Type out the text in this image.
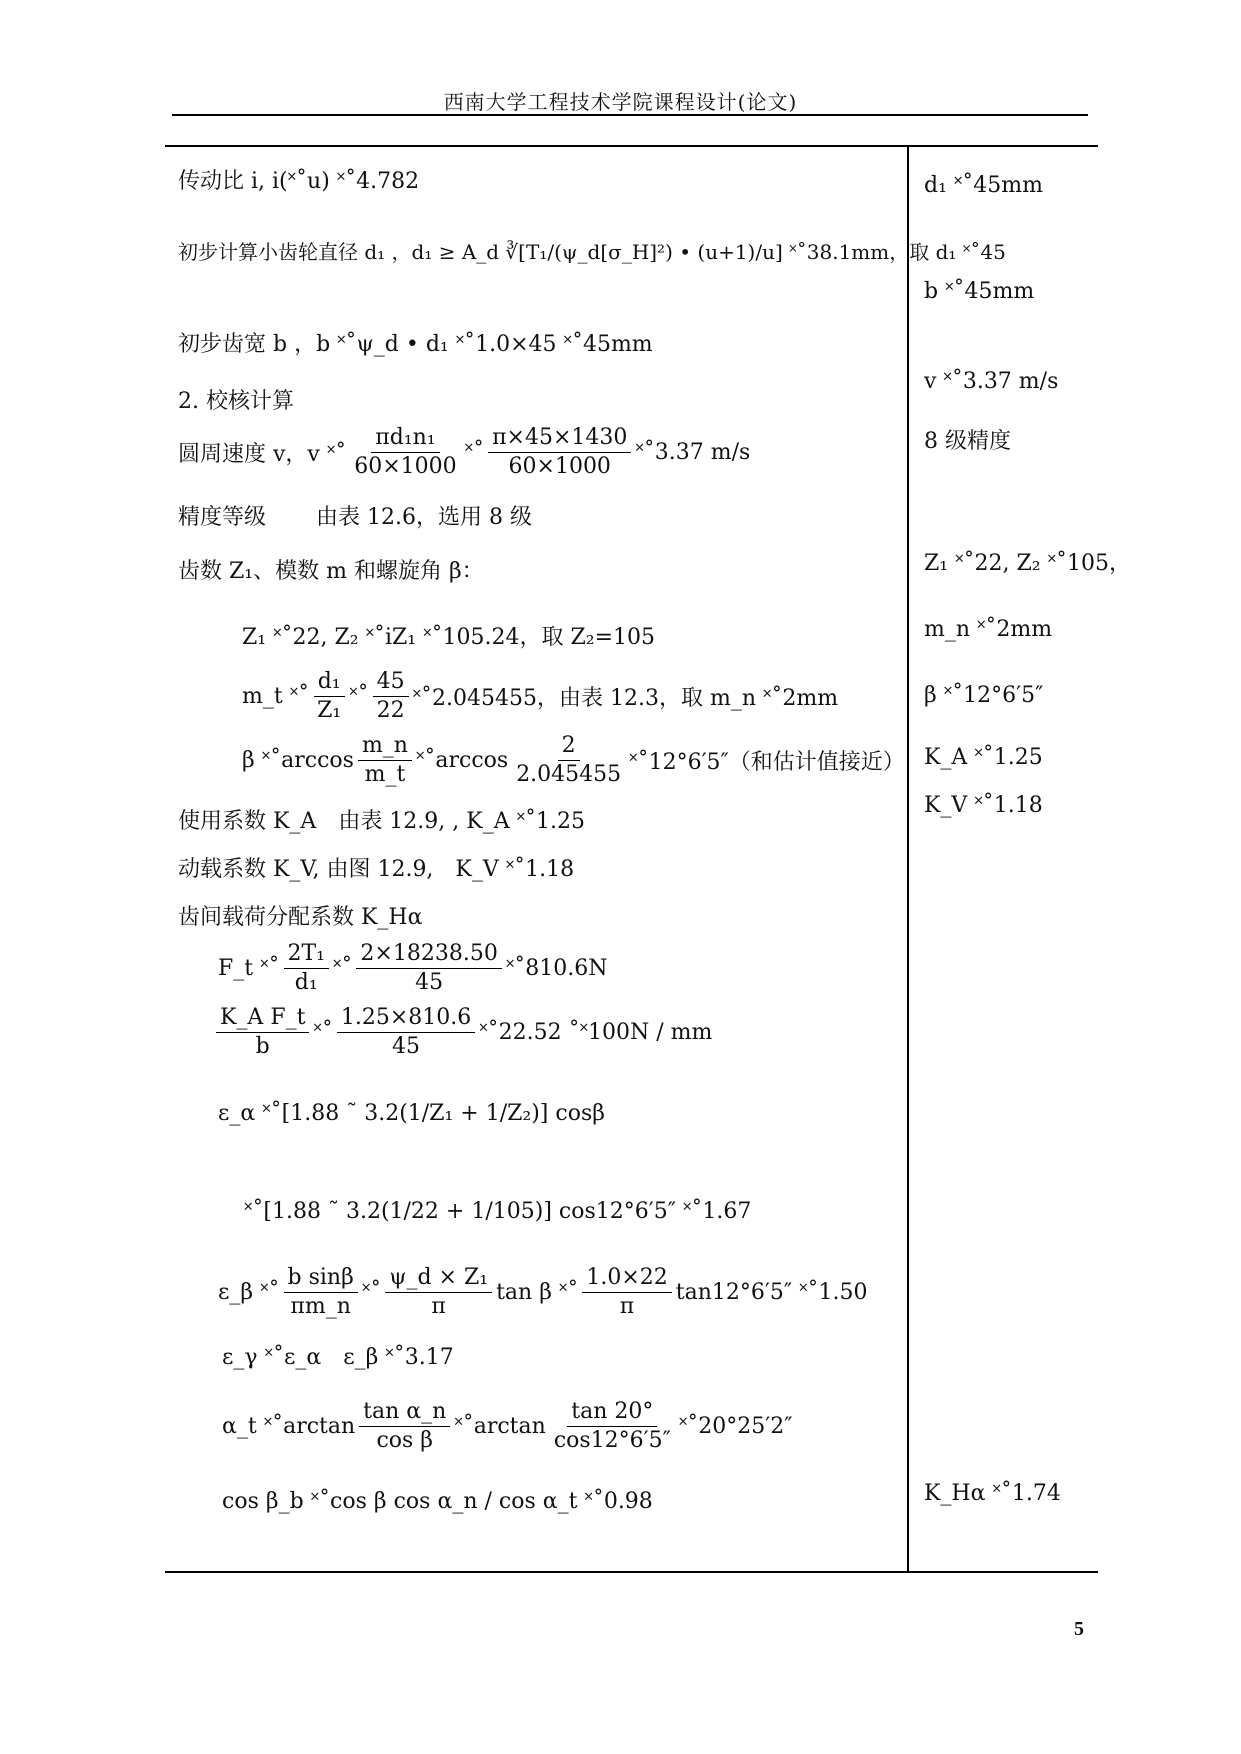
西南大学工程技术学院课程设计(论文)
传动比 i, i(˟˚u) ˟˚4.782
初步计算小齿轮直径 d₁ ，d₁ ≥ A_d ∛[T₁/(ψ_d[σ_H]²) • (u+1)/u] ˟˚38.1mm，取 d₁ ˟˚45
初步齿宽 b ，b ˟˚ψ_d • d₁ ˟˚1.0×45 ˟˚45mm
2. 校核计算
圆周速度 v，v ˟˚ $\frac{\text{πd₁n₁}}{60\times 1000}$ ˟˚ $\frac{\pi\times 45\times 1430}{60\times 1000}$ ˟˚3.37 m/s
精度等级 由表 12.6，选用 8 级
齿数 Z₁、模数 m 和螺旋角 β：
Z₁ ˟˚22, Z₂ ˟˚iZ₁ ˟˚105.24，取 Z₂=105
m_t ˟˚ $\frac{\text{d₁}}{\text{Z₁}}$ ˟˚ $\frac{45}{22}$ ˟˚2.045455，由表 12.3，取 m_n ˟˚2mm
β ˟˚arccos $\frac{m\_n}{m\_t}$ ˟˚arccos $\frac{2}{2.045455}$ ˟˚12°6′5″（和估计值接近）
使用系数 K_A　由表 12.9, , K_A ˟˚1.25
动载系数 K_V, 由图 12.9,　K_V ˟˚1.18
齿间载荷分配系数 K_Hα
F_t ˟˚ $\frac{\text{2T₁}}{\text{d₁}}$ ˟˚ $\frac{2\times 18238.50}{45}$ ˟˚810.6N
$\frac{\text{K\_A F\_t}}{b}$ ˟˚ $\frac{1.25\times 810.6}{45}$ ˟˚22.52 ˚˟100N / mm
ε_α ˟˚[1.88 ˜ 3.2(1/Z₁ + 1/Z₂)] cosβ
˟˚[1.88 ˜ 3.2(1/22 + 1/105)] cos12°6′5″ ˟˚1.67
ε_β ˟˚ $\frac{\text{b sinβ}}{\pi m\_n}$ ˟˚ $\frac{\text{ψ\_d × Z₁}}{\pi}$ tan β ˟˚ $\frac{1.0\times 22}{\pi} \tan 12^\circ 6'5''$ ˟˚1.50
ε_γ ˟˚ε_α　ε_β ˟˚3.17
α_t ˟˚arctan $\frac{\text{tan α\_n}}{\text{cos β}}$ ˟˚arctan $\frac{\tan 20^\circ}{\cos 12^\circ 6'5''}$ ˟˚20°25′2″
cos β_b ˟˚cos β cos α_n / cos α_t ˟˚0.98
d₁ ˟˚45mm
b ˟˚45mm
v ˟˚3.37 m/s
8 级精度
Z₁ ˟˚22, Z₂ ˟˚105，
m_n ˟˚2mm
β ˟˚12°6′5″
K_A ˟˚1.25
K_V ˟˚1.18
K_Hα ˟˚1.74
5
